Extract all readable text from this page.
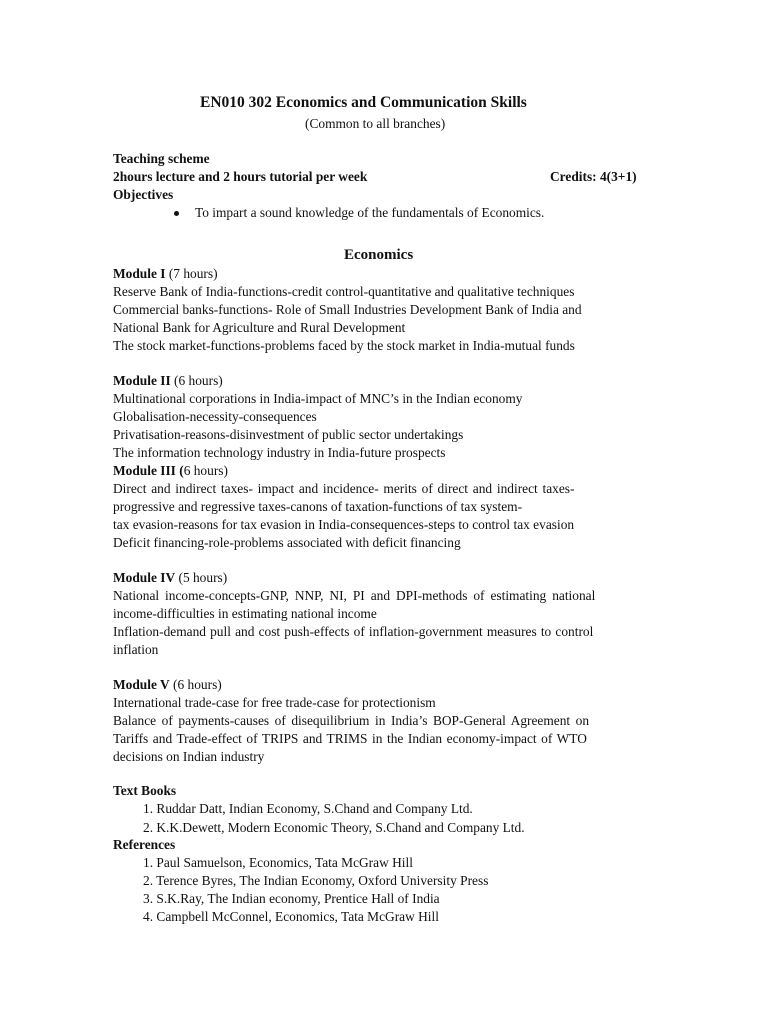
EN010 302 Economics and Communication Skills
(Common to all branches)
Teaching scheme
2hours lecture and 2 hours tutorial per week	Credits: 4(3+1)
Objectives
To impart a sound knowledge of the fundamentals of Economics.
Economics
Module I (7 hours)
Reserve Bank of India-functions-credit control-quantitative and qualitative techniques
Commercial banks-functions- Role of Small Industries Development Bank of India and
National Bank for Agriculture and Rural Development
The stock market-functions-problems faced by the stock market in India-mutual funds
Module II (6 hours)
Multinational corporations in India-impact of MNC’s in the Indian economy
Globalisation-necessity-consequences
Privatisation-reasons-disinvestment of public sector undertakings
The information technology industry in India-future prospects
Module III (6 hours)
Direct and indirect taxes- impact and incidence- merits of direct and indirect taxes-
progressive and regressive taxes-canons of taxation-functions of tax system-
tax evasion-reasons for tax evasion in India-consequences-steps to control tax evasion
Deficit financing-role-problems associated with deficit financing
Module IV (5 hours)
National income-concepts-GNP, NNP, NI, PI and DPI-methods of estimating national
income-difficulties in estimating national income
Inflation-demand pull and cost push-effects of inflation-government measures to control
inflation
Module V (6 hours)
International trade-case for free trade-case for protectionism
Balance of payments-causes of disequilibrium in India’s BOP-General Agreement on
Tariffs and Trade-effect of TRIPS and TRIMS in the Indian economy-impact of WTO
decisions on Indian industry
Text Books
1. Ruddar Datt, Indian Economy, S.Chand and Company Ltd.
2. K.K.Dewett, Modern Economic Theory, S.Chand and Company Ltd.
References
1. Paul Samuelson, Economics, Tata McGraw Hill
2. Terence Byres, The Indian Economy, Oxford University Press
3. S.K.Ray, The Indian economy, Prentice Hall of India
4. Campbell McConnel, Economics, Tata McGraw Hill
